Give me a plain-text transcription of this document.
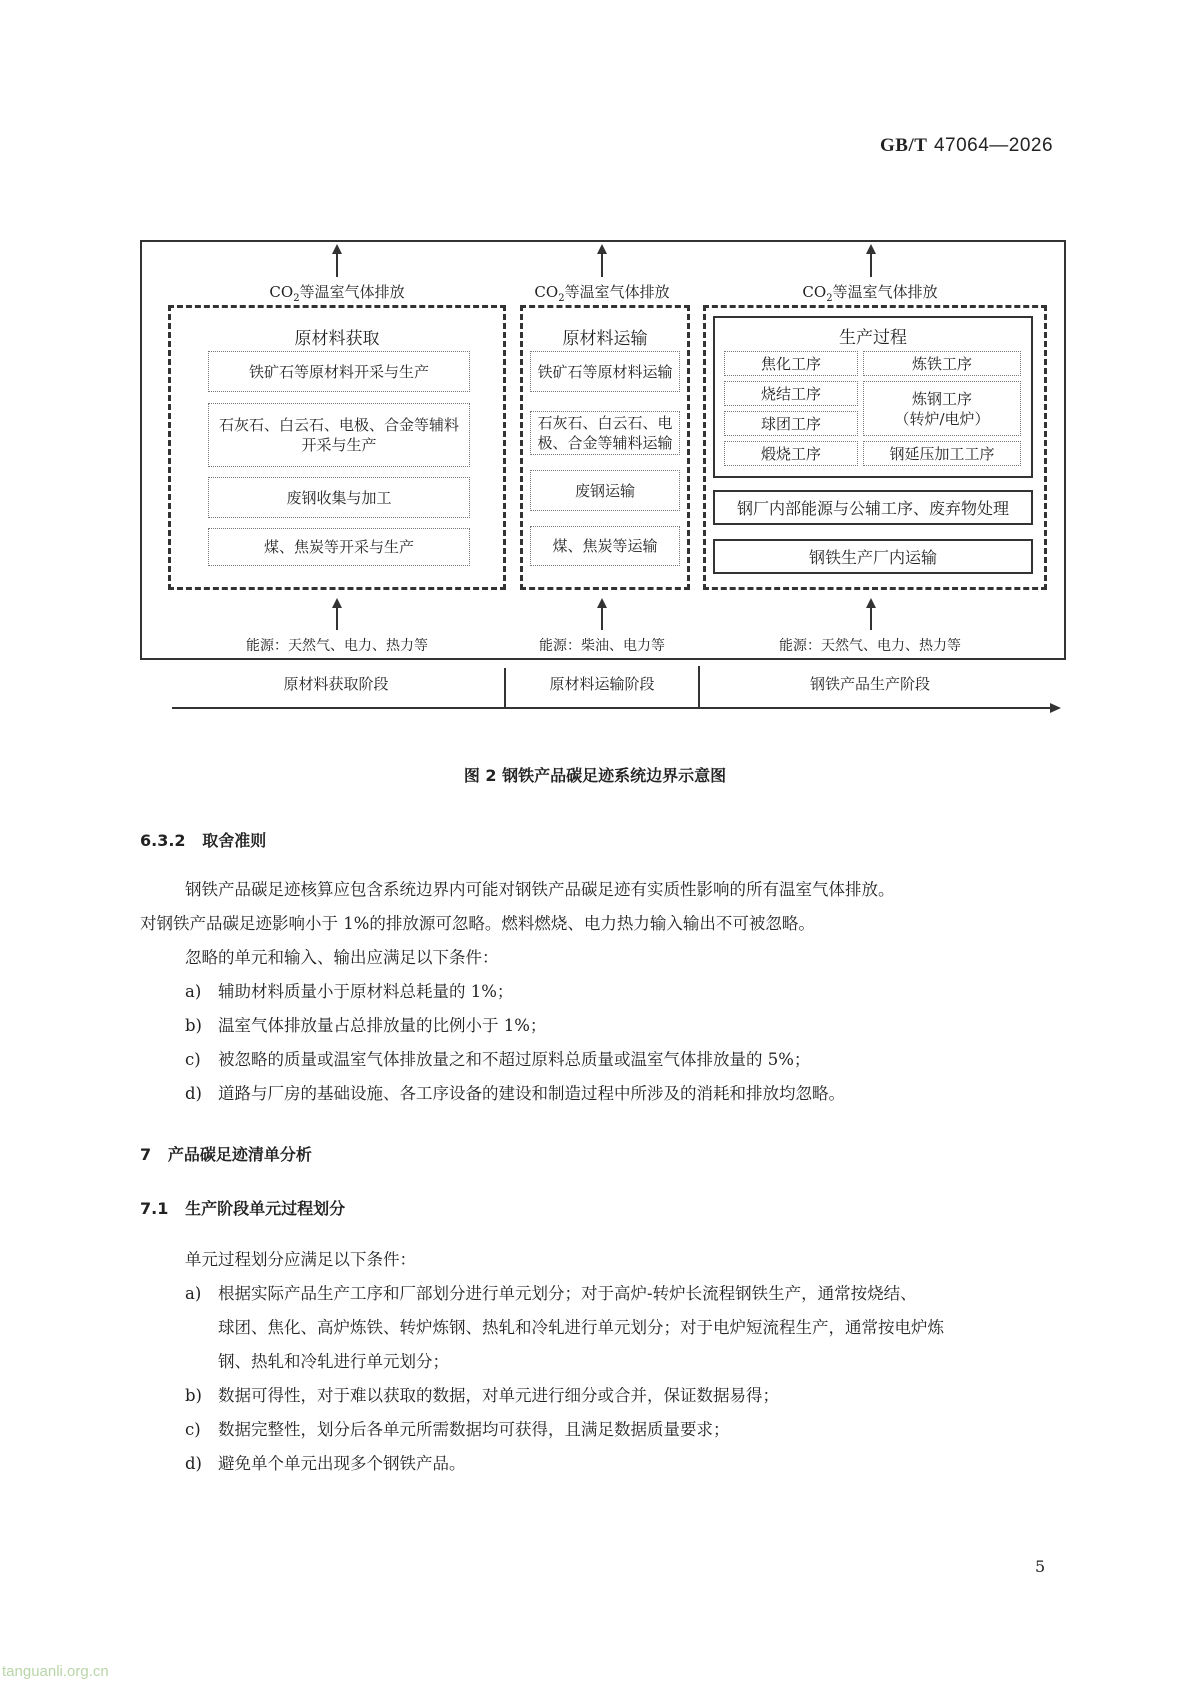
GB/T 47064—2026
$CO_2$等温室气体排放
原材料获取
铁矿石等原材料开采与生产
石灰石、白云石、电极、合金等辅料开采与生产
废钢收集与加工
煤、焦炭等开采与生产
能源：天然气、电力、热力等
$CO_2$等温室气体排放
原材料运输
铁矿石等原材料运输
石灰石、白云石、电极、合金等辅料运输
废钢运输
煤、焦炭等运输
能源：柴油、电力等
$CO_2$等温室气体排放
生产过程
焦化工序	炼铁工序
烧结工序	炼钢工序
（转炉/电炉）
球团工序
煅烧工序	钢延压加工工序
钢厂内部能源与公辅工序、废弃物处理
钢铁生产厂内运输
能源：天然气、电力、热力等
原材料获取阶段	原材料运输阶段	钢铁产品生产阶段
图 2 钢铁产品碳足迹系统边界示意图
6.3.2 取舍准则
钢铁产品碳足迹核算应包含系统边界内可能对钢铁产品碳足迹有实质性影响的所有温室气体排放。
对钢铁产品碳足迹影响小于 1%的排放源可忽略。燃料燃烧、电力热力输入输出不可被忽略。
忽略的单元和输入、输出应满足以下条件：
a) 辅助材料质量小于原材料总耗量的 1%；
b) 温室气体排放量占总排放量的比例小于 1%；
c) 被忽略的质量或温室气体排放量之和不超过原料总质量或温室气体排放量的 5%；
d) 道路与厂房的基础设施、各工序设备的建设和制造过程中所涉及的消耗和排放均忽略。
7 产品碳足迹清单分析
7.1 生产阶段单元过程划分
单元过程划分应满足以下条件：
a) 根据实际产品生产工序和厂部划分进行单元划分；对于高炉-转炉长流程钢铁生产，通常按烧结、
球团、焦化、高炉炼铁、转炉炼钢、热轧和冷轧进行单元划分；对于电炉短流程生产，通常按电炉炼
钢、热轧和冷轧进行单元划分；
b) 数据可得性，对于难以获取的数据，对单元进行细分或合并，保证数据易得；
c) 数据完整性，划分后各单元所需数据均可获得，且满足数据质量要求；
d) 避免单个单元出现多个钢铁产品。
5
tanguanli.org.cn
